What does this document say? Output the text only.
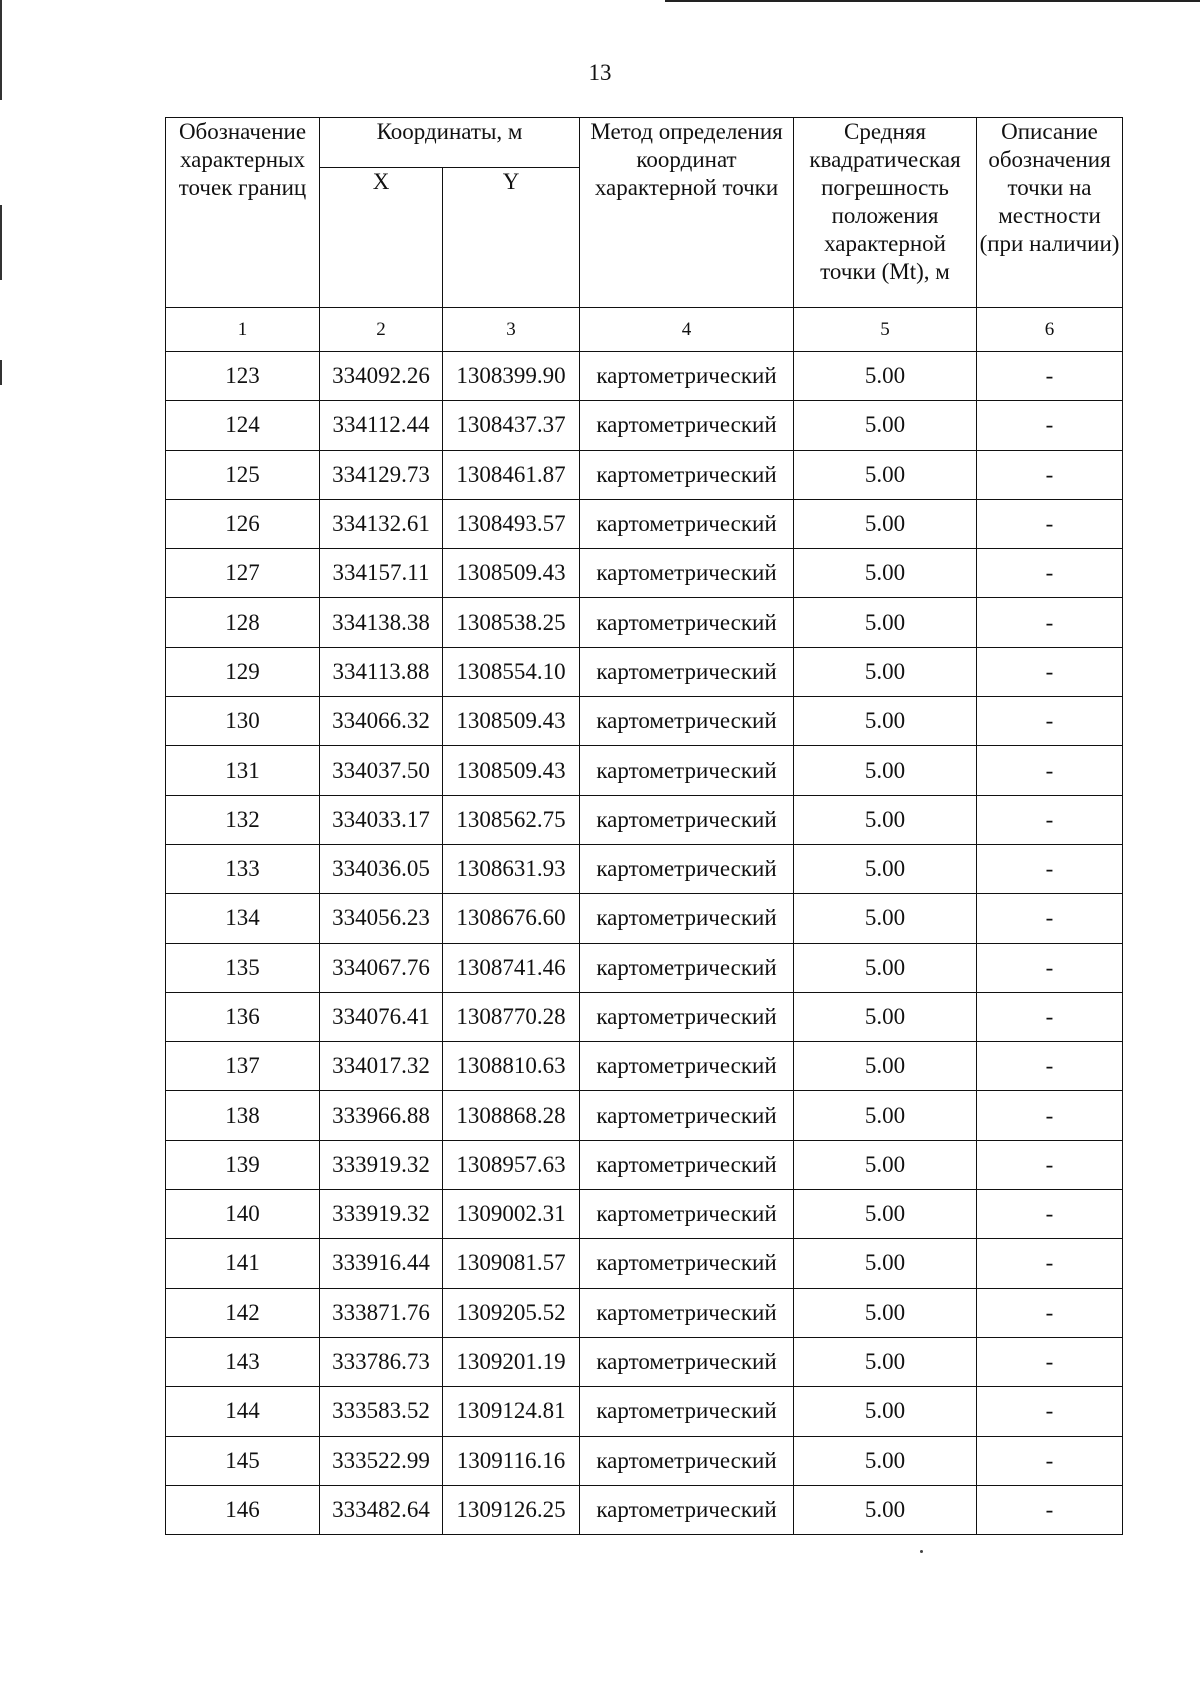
13
Обозначение характерных точек границ	Координаты, м		Метод определения координат характерной точки	Средняя квадратическая погрешность положения характерной точки (Mt), м	Описание обозначения точки на местности (при наличии)
	X	Y			
1	2	3	4	5	6
123	334092.26	1308399.90	картометрический	5.00	-
124	334112.44	1308437.37	картометрический	5.00	-
125	334129.73	1308461.87	картометрический	5.00	-
126	334132.61	1308493.57	картометрический	5.00	-
127	334157.11	1308509.43	картометрический	5.00	-
128	334138.38	1308538.25	картометрический	5.00	-
129	334113.88	1308554.10	картометрический	5.00	-
130	334066.32	1308509.43	картометрический	5.00	-
131	334037.50	1308509.43	картометрический	5.00	-
132	334033.17	1308562.75	картометрический	5.00	-
133	334036.05	1308631.93	картометрический	5.00	-
134	334056.23	1308676.60	картометрический	5.00	-
135	334067.76	1308741.46	картометрический	5.00	-
136	334076.41	1308770.28	картометрический	5.00	-
137	334017.32	1308810.63	картометрический	5.00	-
138	333966.88	1308868.28	картометрический	5.00	-
139	333919.32	1308957.63	картометрический	5.00	-
140	333919.32	1309002.31	картометрический	5.00	-
141	333916.44	1309081.57	картометрический	5.00	-
142	333871.76	1309205.52	картометрический	5.00	-
143	333786.73	1309201.19	картометрический	5.00	-
144	333583.52	1309124.81	картометрический	5.00	-
145	333522.99	1309116.16	картометрический	5.00	-
146	333482.64	1309126.25	картометрический	5.00	-
